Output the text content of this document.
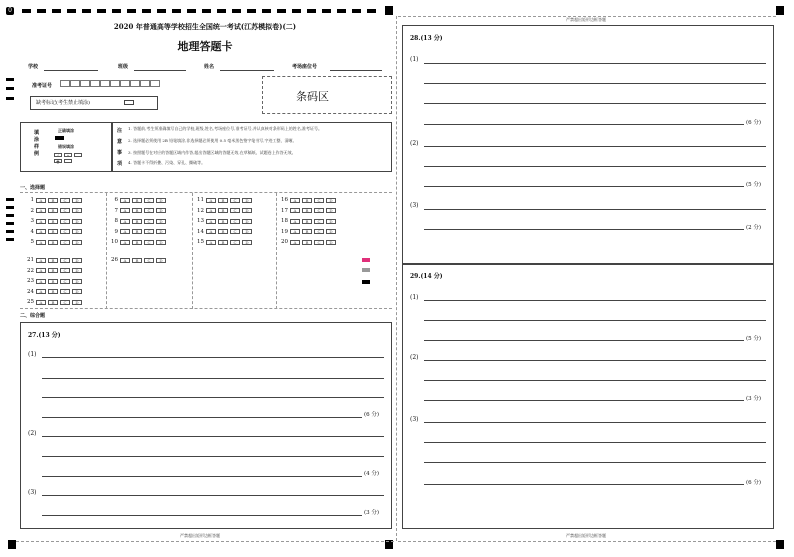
0
2020 年普通高等学校招生全国统一考试(江苏模拟卷)(二)
地理答题卡
学校	班级	姓名	考场座位号
准考证号
缺考标记(考生禁止填涂)	条码区
填
涂
样
例
正确填涂
错误填涂
✓	×	—
●
注
意
事
项
1. 答题前,考生须准确填写自己的学校,班级,姓名,考场座位号,准考证号,并认真核对条形码上的姓名,准考证号。
2. 选择题必须使用 2B 铅笔填涂,非选择题必须使用 0.5 毫米黑色签字笔书写,字迹工整、清晰。
3. 按照题号在对应的答题区域内作答,超出答题区域的答题无效,在草稿纸、试题卷上作答无效。
4. 答题卡不得折叠、污染、穿孔、撕破等。
一、选择题
1	A	B	C	D
2	A	B	C	D
3	A	B	C	D
4	A	B	C	D
5	A	B	C	D
6	A	B	C	D
7	A	B	C	D
8	A	B	C	D
9	A	B	C	D
10	A	B	C	D
11	A	B	C	D
12	A	B	C	D
13	A	B	C	D
14	A	B	C	D
15	A	B	C	D
16	A	B	C	D
17	A	B	C	D
18	A	B	C	D
19	A	B	C	D
20	A	B	C	D
21	A	B	C	D
22	A	B	C	D
23	A	B	C	D
24	A	B	C	D
25	A	B	C	D
26	A	B	C	D
二、综合题
27.(13 分)
(1)
(6 分)
(2)
(4 分)
(3)
(3 分)
严禁超出矩形边框答题
严禁超出矩形边框答题
28.(13 分)
(1)
(6 分)
(2)
(5 分)
(3)
(2 分)
29.(14 分)
(1)
(5 分)
(2)
(3 分)
(3)
(6 分)
严禁超出矩形边框答题
